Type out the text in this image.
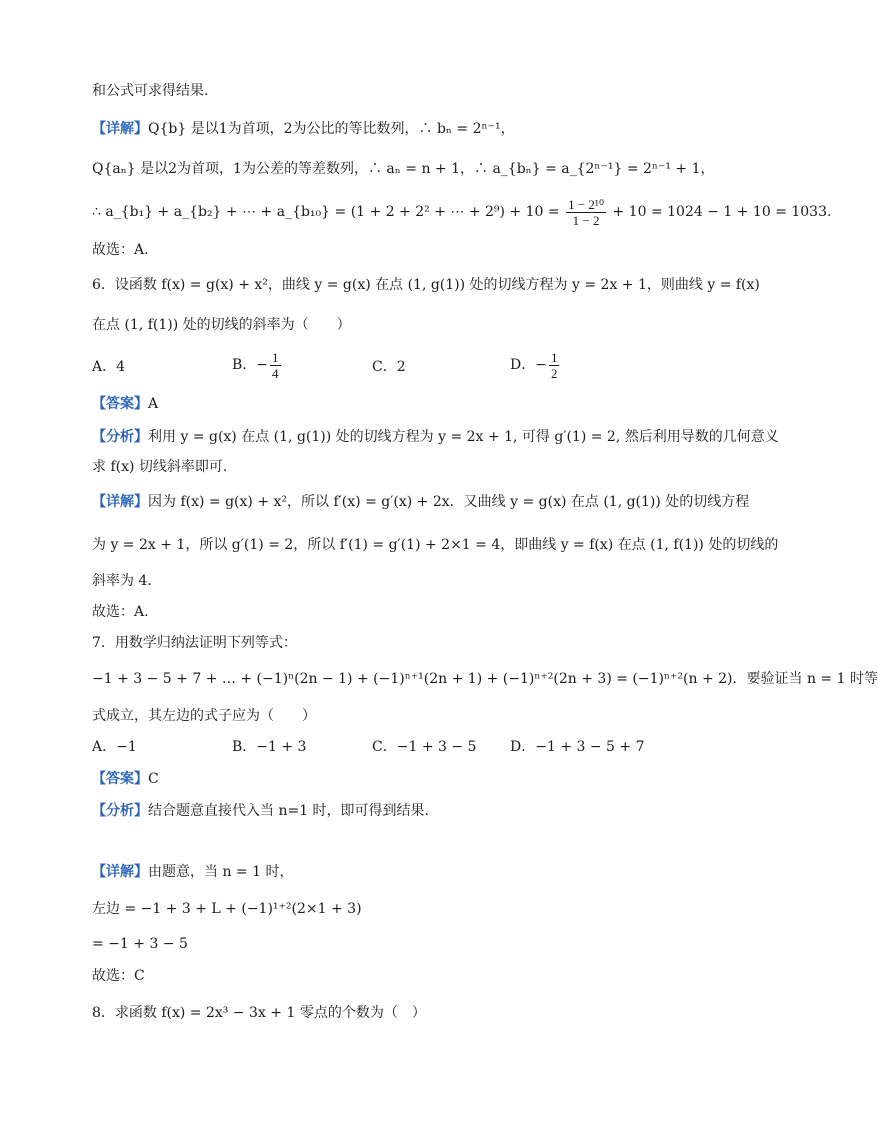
和公式可求得结果.
【详解】Q{b} 是以1为首项，2为公比的等比数列，∴ bₙ = 2ⁿ⁻¹，
Q{aₙ} 是以2为首项，1为公差的等差数列，∴ aₙ = n + 1，∴ a_{bₙ} = a_{2ⁿ⁻¹} = 2ⁿ⁻¹ + 1，
∴ a_{b₁} + a_{b₂} + ⋯ + a_{b₁₀} = (1 + 2 + 2² + ⋯ + $2^9) + 10 = \frac{\text{1 − 2¹⁰}}{1 - 2} + 10 = 1024 - 1 + 10 = 1033$.
故选：A.
6．设函数 f(x) = g(x) + x²，曲线 y = g(x) 在点 (1, g(1)) 处的切线方程为 y = 2x + 1，则曲线 y = f(x)
在点 (1, f(1)) 处的切线的斜率为（　　）
A．4	B．− $\frac{1}{4}$	C．2	D．− $\frac{1}{2}$
【答案】A
【分析】利用 y = g(x) 在点 (1, g(1)) 处的切线方程为 y = 2x + 1, 可得 g′(1) = 2, 然后利用导数的几何意义
求 f(x) 切线斜率即可.
【详解】因为 f(x) = g(x) + x²，所以 f′(x) = g′(x) + 2x．又曲线 y = g(x) 在点 (1, g(1)) 处的切线方程
为 y = 2x + 1，所以 g′(1) = 2，所以 f′(1) = g′(1) + 2×1 = 4，即曲线 y = f(x) 在点 (1, f(1)) 处的切线的
斜率为 4．
故选：A.
7．用数学归纳法证明下列等式：
−1 + 3 − 5 + 7 + … + (−1)ⁿ(2n − 1) + (−1)ⁿ⁺¹(2n + 1) + (−1)ⁿ⁺²(2n + 3) = (−1)ⁿ⁺²(n + 2)．要验证当 n = 1 时等
式成立，其左边的式子应为（　　）
A．−1	B．−1 + 3	C．−1 + 3 − 5 D．−1 + 3 − 5 + 7
【答案】C
【分析】结合题意直接代入当 n=1 时，即可得到结果.
【详解】由题意，当 n = 1 时，
左边 = −1 + 3 + L + (−1)¹⁺²(2×1 + 3)
= −1 + 3 − 5
故选：C
8．求函数 f(x) = 2x³ − 3x + 1 零点的个数为（　）
